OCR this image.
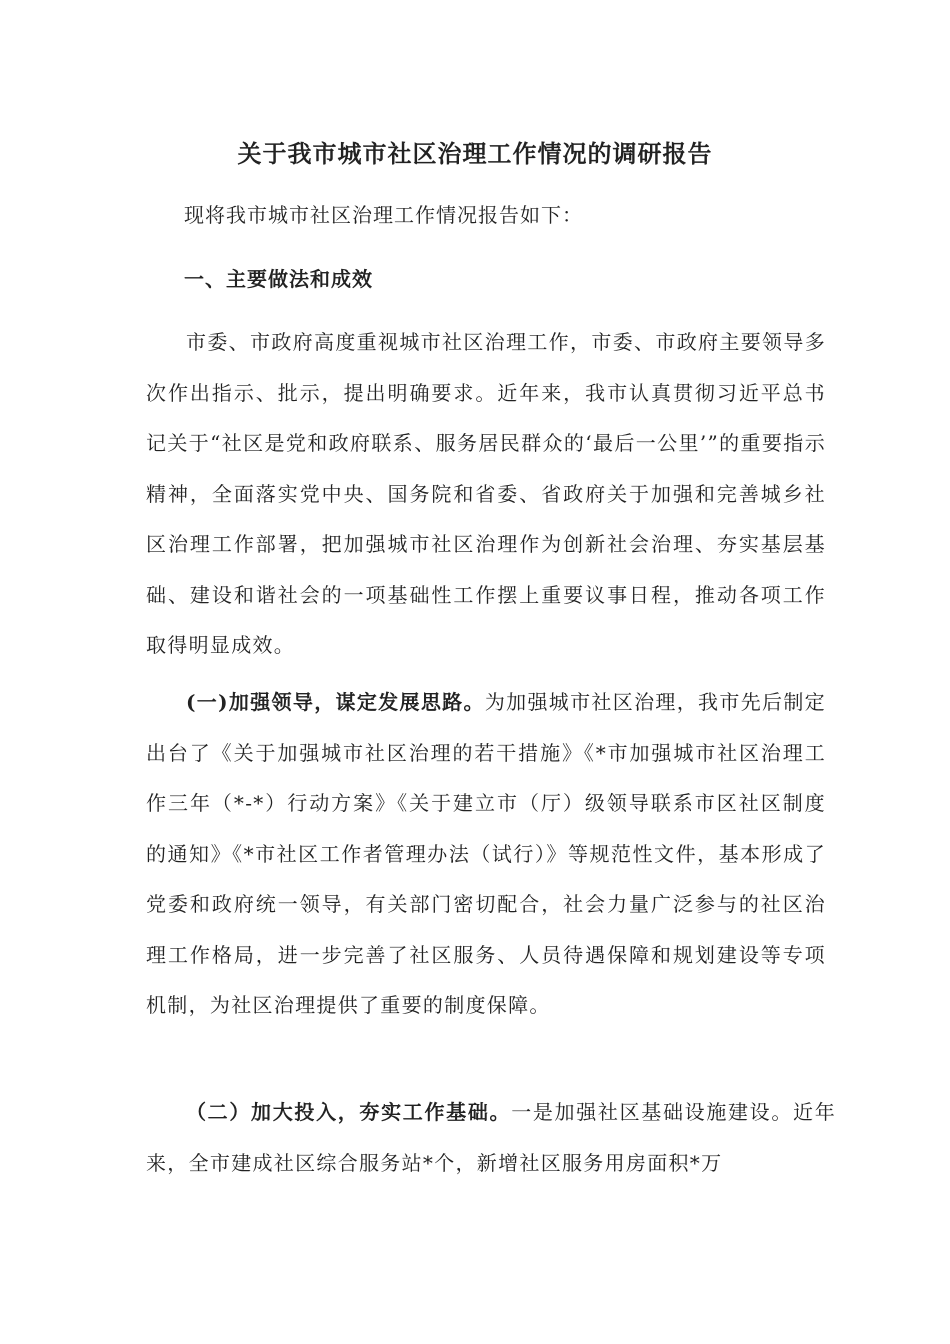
关于我市城市社区治理工作情况的调研报告
现将我市城市社区治理工作情况报告如下：
一、主要做法和成效
市委、市政府高度重视城市社区治理工作，市委、市政府主要领导多次作出指示、批示，提出明确要求。近年来，我市认真贯彻习近平总书记关于“社区是党和政府联系、服务居民群众的‘最后一公里’”的重要指示精神，全面落实党中央、国务院和省委、省政府关于加强和完善城乡社区治理工作部署，把加强城市社区治理作为创新社会治理、夯实基层基础、建设和谐社会的一项基础性工作摆上重要议事日程，推动各项工作取得明显成效。
(一)加强领导，谋定发展思路。为加强城市社区治理，我市先后制定出台了《关于加强城市社区治理的若干措施》《*市加强城市社区治理工作三年（*-*）行动方案》《关于建立市（厅）级领导联系市区社区制度的通知》《*市社区工作者管理办法（试行）》等规范性文件，基本形成了党委和政府统一领导，有关部门密切配合，社会力量广泛参与的社区治理工作格局，进一步完善了社区服务、人员待遇保障和规划建设等专项机制，为社区治理提供了重要的制度保障。
（二）加大投入，夯实工作基础。一是加强社区基础设施建设。近年来，全市建成社区综合服务站*个，新增社区服务用房面积*万
